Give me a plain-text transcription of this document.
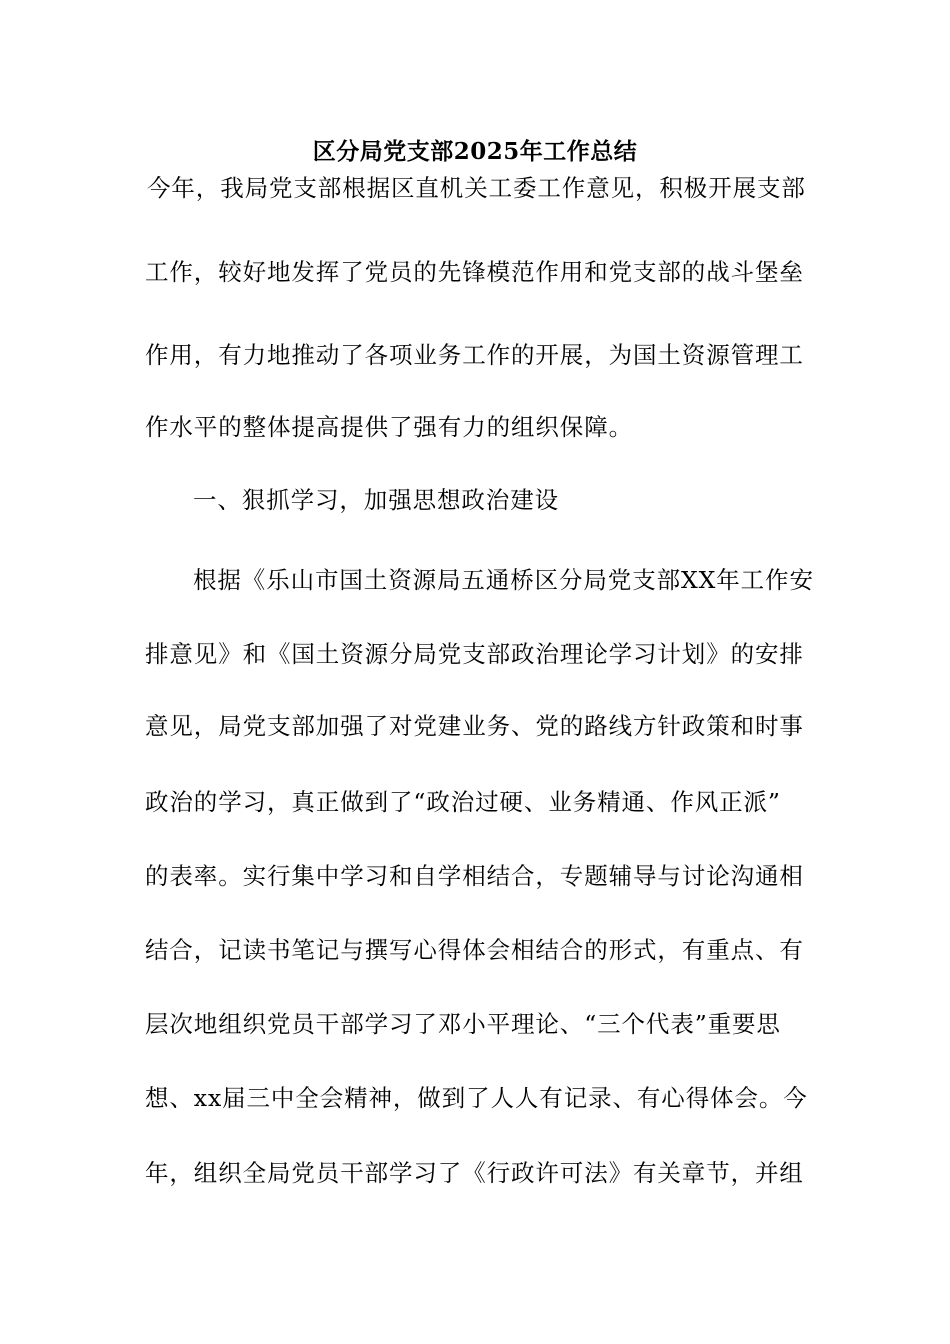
区分局党支部2025年工作总结
今年，我局党支部根据区直机关工委工作意见，积极开展支部
工作，较好地发挥了党员的先锋模范作用和党支部的战斗堡垒
作用，有力地推动了各项业务工作的开展，为国土资源管理工
作水平的整体提高提供了强有力的组织保障。
一、狠抓学习，加强思想政治建设
根据《乐山市国土资源局五通桥区分局党支部XX年工作安
排意见》和《国土资源分局党支部政治理论学习计划》的安排
意见，局党支部加强了对党建业务、党的路线方针政策和时事
政治的学习，真正做到了“政治过硬、业务精通、作风正派”
的表率。实行集中学习和自学相结合，专题辅导与讨论沟通相
结合，记读书笔记与撰写心得体会相结合的形式，有重点、有
层次地组织党员干部学习了邓小平理论、“三个代表”重要思
想、xx届三中全会精神，做到了人人有记录、有心得体会。今
年，组织全局党员干部学习了《行政许可法》有关章节，并组
